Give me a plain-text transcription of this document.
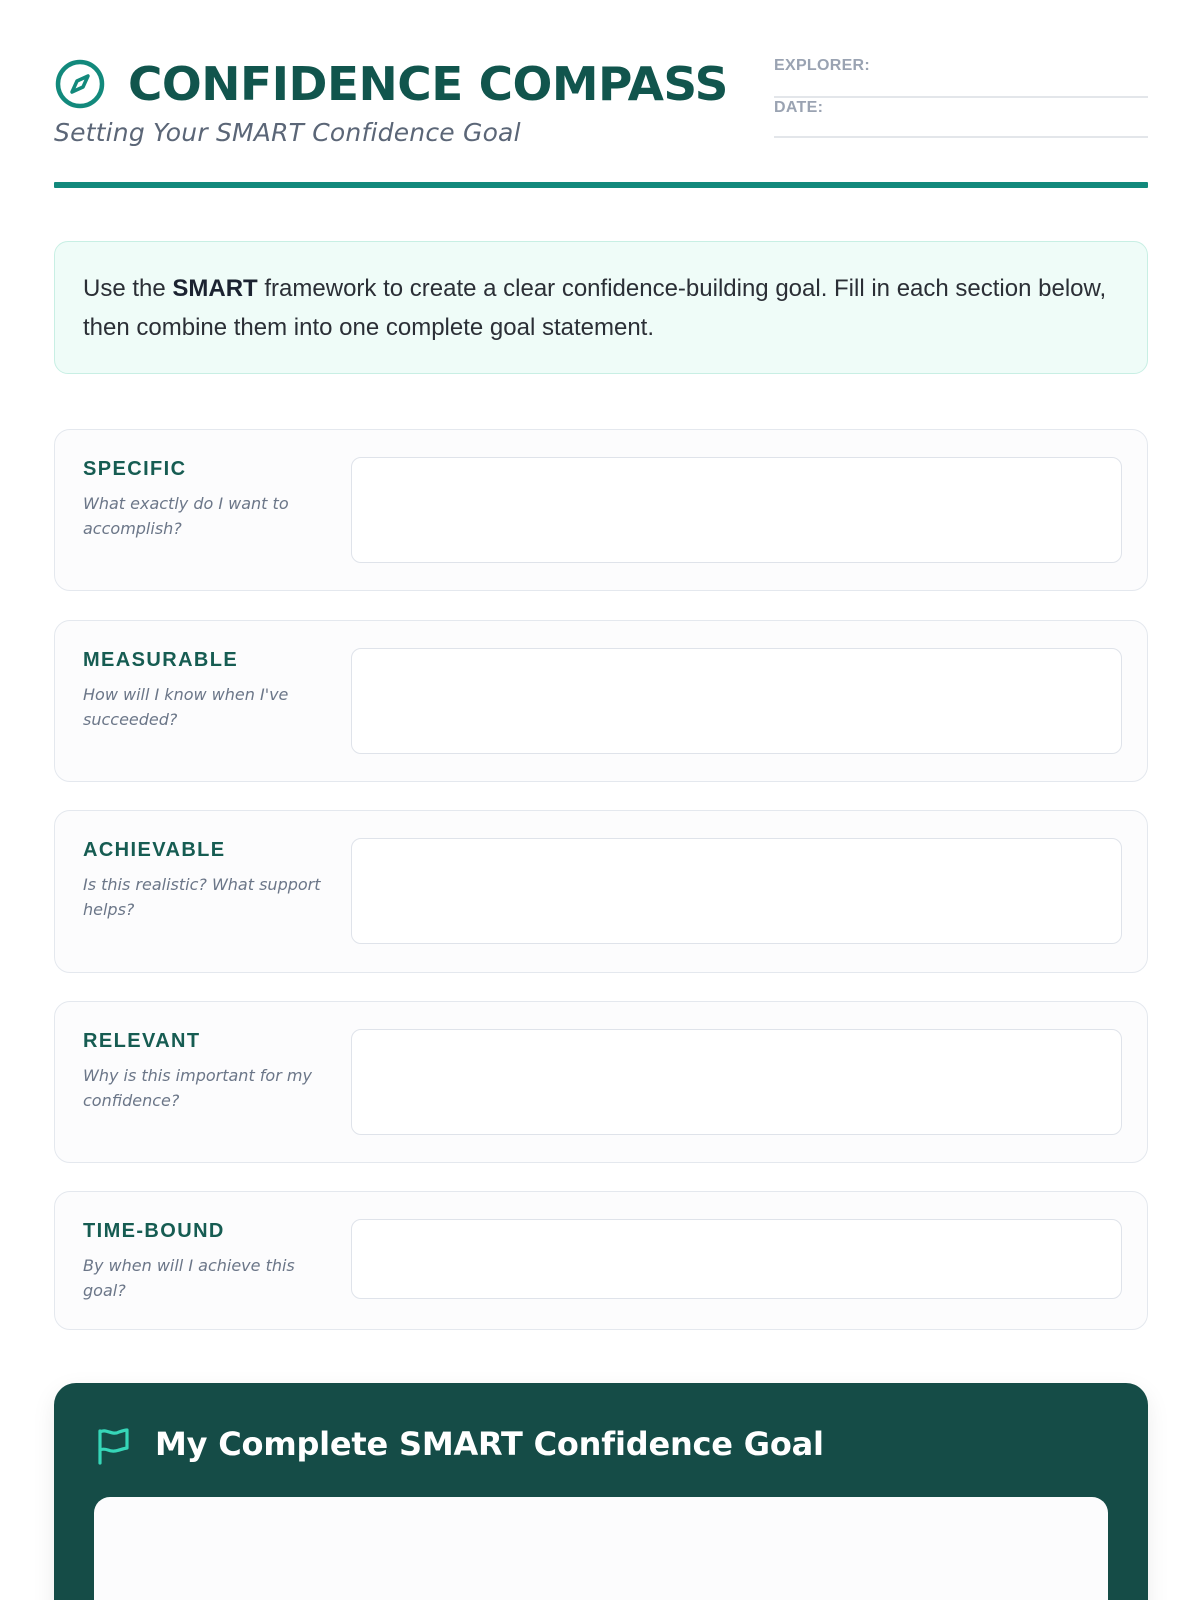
CONFIDENCE COMPASS
Setting Your SMART Confidence Goal
EXPLORER:
DATE:
Use the SMART framework to create a clear confidence-building goal. Fill in each section below, then combine them into one complete goal statement.
SPECIFIC
What exactly do I want to accomplish?
MEASURABLE
How will I know when I've succeeded?
ACHIEVABLE
Is this realistic? What support helps?
RELEVANT
Why is this important for my confidence?
TIME-BOUND
By when will I achieve this goal?
My Complete SMART Confidence Goal
